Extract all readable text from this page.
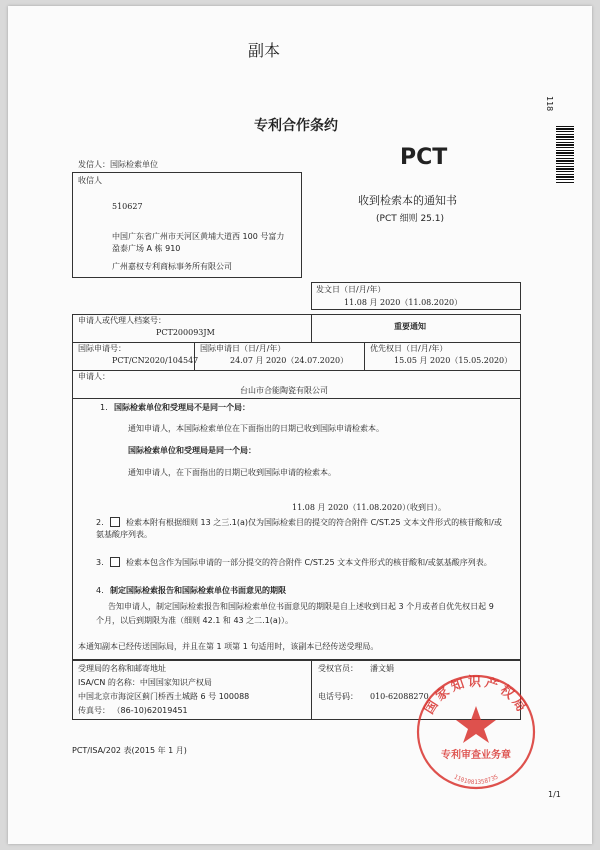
副本
专利合作条约
PCT
118
发信人：国际检索单位
收信人
510627
中国广东省广州市天河区黄埔大道西 100 号富力
盈泰广场 A 栋 910
广州嘉权专利商标事务所有限公司
收到检索本的通知书
(PCT 细则 25.1)
发文日（日/月/年）
11.08 月 2020（11.08.2020）
申请人或代理人档案号：
PCT200093JM
重要通知
国际申请号：
PCT/CN2020/104547
国际申请日（日/月/年）
24.07 月 2020（24.07.2020）
优先权日（日/月/年）
15.05 月 2020（15.05.2020）
申请人：
台山市合能陶瓷有限公司
1. 国际检索单位和受理局不是同一个局：
通知申请人，本国际检索单位在下面指出的日期已收到国际申请检索本。
国际检索单位和受理局是同一个局：
通知申请人，在下面指出的日期已收到国际申请的检索本。
11.08 月 2020（11.08.2020）
（收到日）。
2.	检索本附有根据细则 13 之三.1(a)仅为国际检索目的提交的符合附件 C/ST.25 文本文件形式的核苷酸和/或
氨基酸序列表。
3.	检索本包含作为国际申请的一部分提交的符合附件 C/ST.25 文本文件形式的核苷酸和/或氨基酸序列表。
4. 制定国际检索报告和国际检索单位书面意见的期限
告知申请人，制定国际检索报告和国际检索单位书面意见的期限是自上述收到日起 3 个月或者自优先权日起 9
个月，以后到期限为准（细则 42.1 和 43 之二.1(a)）。
本通知副本已经传送国际局，并且在第 1 项第 1 句适用时，该副本已经传送受理局。
受理局的名称和邮寄地址
ISA/CN 的名称：中国国家知识产权局
中国北京市海淀区蓟门桥西土城路 6 号 100088
传真号： （86-10)62019451
受权官员： 潘文娟
电话号码： 010-62088270
PCT/ISA/202 表(2015 年 1 月)
1/1
国家知识产权局
专利审查业务章
1101081358735
